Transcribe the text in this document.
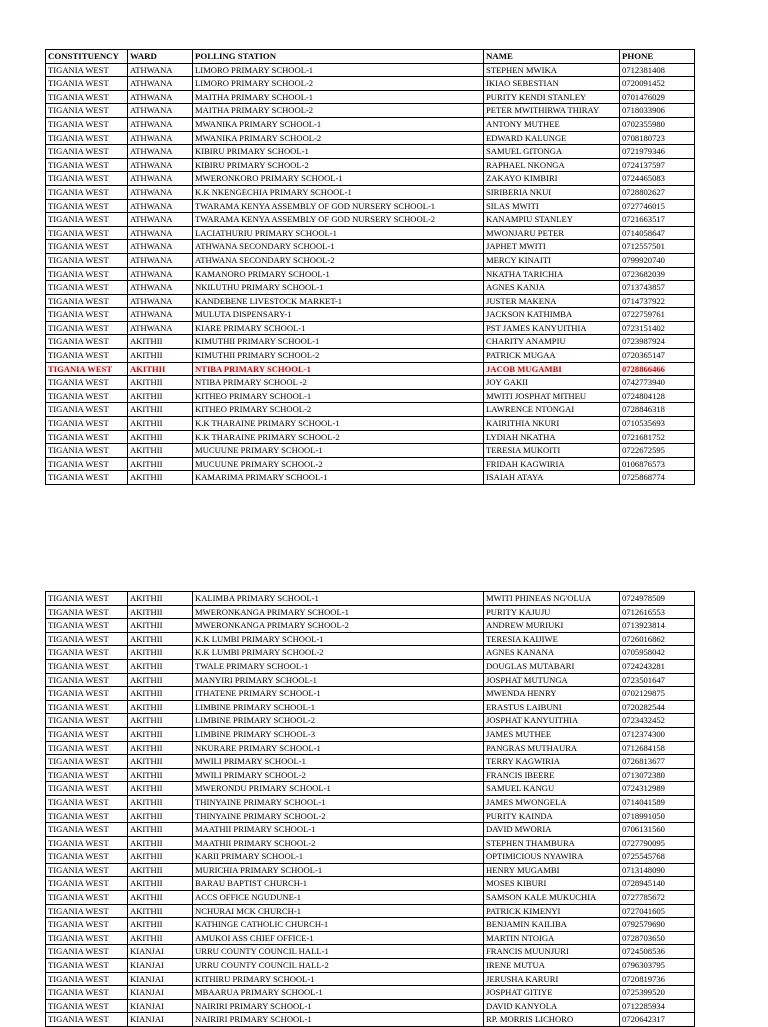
CONSTITUENCY	WARD	POLLING STATION	NAME	PHONE
TIGANIA WEST	ATHWANA	LIMORO PRIMARY SCHOOL-1	STEPHEN MWIKA	0712381408
TIGANIA WEST	ATHWANA	LIMORO PRIMARY SCHOOL-2	IKIAO SEBESTIAN	0720091452
TIGANIA WEST	ATHWANA	MAITHA PRIMARY SCHOOL-1	PURITY KENDI STANLEY	0701476029
TIGANIA WEST	ATHWANA	MAITHA PRIMARY SCHOOL-2	PETER MWITHIRWA THIRAY	0718033906
TIGANIA WEST	ATHWANA	MWANIKA PRIMARY SCHOOL-1	ANTONY MUTHEE	0702355980
TIGANIA WEST	ATHWANA	MWANIKA PRIMARY SCHOOL-2	EDWARD KALUNGE	0708180723
TIGANIA WEST	ATHWANA	KIBIRU PRIMARY SCHOOL-1	SAMUEL GITONGA	0721979346
TIGANIA WEST	ATHWANA	KIBIRU PRIMARY SCHOOL-2	RAPHAEL NKONGA	0724137597
TIGANIA WEST	ATHWANA	MWERONKORO PRIMARY SCHOOL-1	ZAKAYO KIMBIRI	0724465083
TIGANIA WEST	ATHWANA	K.K NKENGECHIA PRIMARY SCHOOL-1	SIRIBERIA NKUI	0728802627
TIGANIA WEST	ATHWANA	TWARAMA KENYA ASSEMBLY OF GOD NURSERY SCHOOL-1	SILAS MWITI	0727746015
TIGANIA WEST	ATHWANA	TWARAMA KENYA ASSEMBLY OF GOD NURSERY SCHOOL-2	KANAMPIU STANLEY	0721663517
TIGANIA WEST	ATHWANA	LACIATHURIU PRIMARY SCHOOL-1	MWONJARU PETER	0714058647
TIGANIA WEST	ATHWANA	ATHWANA SECONDARY SCHOOL-1	JAPHET MWITI	0712557501
TIGANIA WEST	ATHWANA	ATHWANA SECONDARY SCHOOL-2	MERCY KINAITI	0799920740
TIGANIA WEST	ATHWANA	KAMANORO PRIMARY SCHOOL-1	NKATHA TARICHIA	0723682039
TIGANIA WEST	ATHWANA	NKILUTHU PRIMARY SCHOOL-1	AGNES KANJA	0713743857
TIGANIA WEST	ATHWANA	KANDEBENE LIVESTOCK MARKET-1	JUSTER MAKENA	0714737922
TIGANIA WEST	ATHWANA	MULUTA DISPENSARY-1	JACKSON KATHIMBA	0722759761
TIGANIA WEST	ATHWANA	KIARE PRIMARY SCHOOL-1	PST JAMES KANYUITHIA	0723151402
TIGANIA WEST	AKITHII	KIMUTHII PRIMARY SCHOOL-1	CHARITY ANAMPIU	0723987924
TIGANIA WEST	AKITHII	KIMUTHII PRIMARY SCHOOL-2	PATRICK MUGAA	0720365147
TIGANIA WEST	AKITHII	NTIBA PRIMARY SCHOOL-1	JACOB MUGAMBI	0728866466
TIGANIA WEST	AKITHII	NTIBA PRIMARY SCHOOL -2	JOY GAKII	0742773940
TIGANIA WEST	AKITHII	KITHEO PRIMARY SCHOOL-1	MWITI JOSPHAT MITHEU	0724804128
TIGANIA WEST	AKITHII	KITHEO PRIMARY SCHOOL-2	LAWRENCE NTONGAI	0728846318
TIGANIA WEST	AKITHII	K.K THARAINE PRIMARY SCHOOL-1	KAIRITHIA NKURI	0710535693
TIGANIA WEST	AKITHII	K.K THARAINE PRIMARY SCHOOL-2	LYDIAH NKATHA	0721681752
TIGANIA WEST	AKITHII	MUCUUNE PRIMARY SCHOOL-1	TERESIA MUKOITI	0722672595
TIGANIA WEST	AKITHII	MUCUUNE PRIMARY SCHOOL-2	FRIDAH KAGWIRIA	0106876573
TIGANIA WEST	AKITHII	KAMARIMA PRIMARY SCHOOL-1	ISAIAH ATAYA	0725868774
TIGANIA WEST	AKITHII	KALIMBA PRIMARY SCHOOL-1	MWITI PHINEAS NG'OLUA	0724978509
TIGANIA WEST	AKITHII	MWERONKANGA PRIMARY SCHOOL-1	PURITY KAJUJU	0712616553
TIGANIA WEST	AKITHII	MWERONKANGA PRIMARY SCHOOL-2	ANDREW MURIUKI	0713923814
TIGANIA WEST	AKITHII	K.K LUMBI PRIMARY SCHOOL-1	TERESIA KAIJIWE	0726016862
TIGANIA WEST	AKITHII	K.K LUMBI PRIMARY SCHOOL-2	AGNES KANANA	0705958042
TIGANIA WEST	AKITHII	TWALE PRIMARY SCHOOL-1	DOUGLAS MUTABARI	0724243281
TIGANIA WEST	AKITHII	MANYIRI PRIMARY SCHOOL-1	JOSPHAT MUTUNGA	0723501647
TIGANIA WEST	AKITHII	ITHATENE PRIMARY SCHOOL-1	MWENDA HENRY	0702129875
TIGANIA WEST	AKITHII	LIMBINE PRIMARY SCHOOL-1	ERASTUS LAIBUNI	0720282544
TIGANIA WEST	AKITHII	LIMBINE PRIMARY SCHOOL-2	JOSPHAT KANYUITHIA	0723432452
TIGANIA WEST	AKITHII	LIMBINE PRIMARY SCHOOL-3	JAMES MUTHEE	0712374300
TIGANIA WEST	AKITHII	NKURARE PRIMARY SCHOOL-1	PANGRAS MUTHAURA	0712684158
TIGANIA WEST	AKITHII	MWILI PRIMARY SCHOOL-1	TERRY KAGWIRIA	0726813677
TIGANIA WEST	AKITHII	MWILI PRIMARY SCHOOL-2	FRANCIS IBEERE	0713072380
TIGANIA WEST	AKITHII	MWERONDU PRIMARY SCHOOL-1	SAMUEL KANGU	0724312989
TIGANIA WEST	AKITHII	THINYAINE PRIMARY SCHOOL-1	JAMES MWONGELA	0714041589
TIGANIA WEST	AKITHII	THINYAINE PRIMARY SCHOOL-2	PURITY KAINDA	0718991050
TIGANIA WEST	AKITHII	MAATHII PRIMARY SCHOOL-1	DAVID MWORIA	0706131560
TIGANIA WEST	AKITHII	MAATHII PRIMARY SCHOOL-2	STEPHEN THAMBURA	0727790095
TIGANIA WEST	AKITHII	KARII PRIMARY SCHOOL-1	OPTIMICIOUS NYAWIRA	0725545768
TIGANIA WEST	AKITHII	MURICHIA PRIMARY SCHOOL-1	HENRY MUGAMBI	0713148090
TIGANIA WEST	AKITHII	BARAU BAPTIST CHURCH-1	MOSES KIBURI	0728945140
TIGANIA WEST	AKITHII	ACCS OFFICE NGUDUNE-1	SAMSON KALE MUKUCHIA	0727785672
TIGANIA WEST	AKITHII	NCHURAI MCK CHURCH-1	PATRICK KIMENYI	0727041605
TIGANIA WEST	AKITHII	KATHINGE CATHOLIC CHURCH-1	BENJAMIN KAILIBA	0792579690
TIGANIA WEST	AKITHII	AMUKOI ASS CHIEF OFFICE-1	MARTIN NTOIGA	0728703650
TIGANIA WEST	KIANJAI	URRU COUNTY COUNCIL HALL-1	FRANCIS MUUNJURI	0724508536
TIGANIA WEST	KIANJAI	URRU COUNTY COUNCIL HALL-2	IRENE MUTUA	0796303795
TIGANIA WEST	KIANJAI	KITHIRU PRIMARY SCHOOL-1	JERUSHA KARURI	0720819736
TIGANIA WEST	KIANJAI	MBAARUA PRIMARY SCHOOL-1	JOSPHAT GITIYE	0725399520
TIGANIA WEST	KIANJAI	NAIRIRI PRIMARY SCHOOL-1	DAVID KANYOLA	0712285934
TIGANIA WEST	KIANJAI	NAIRIRI PRIMARY SCHOOL-1	RP. MORRIS LICHORO	0720642317
